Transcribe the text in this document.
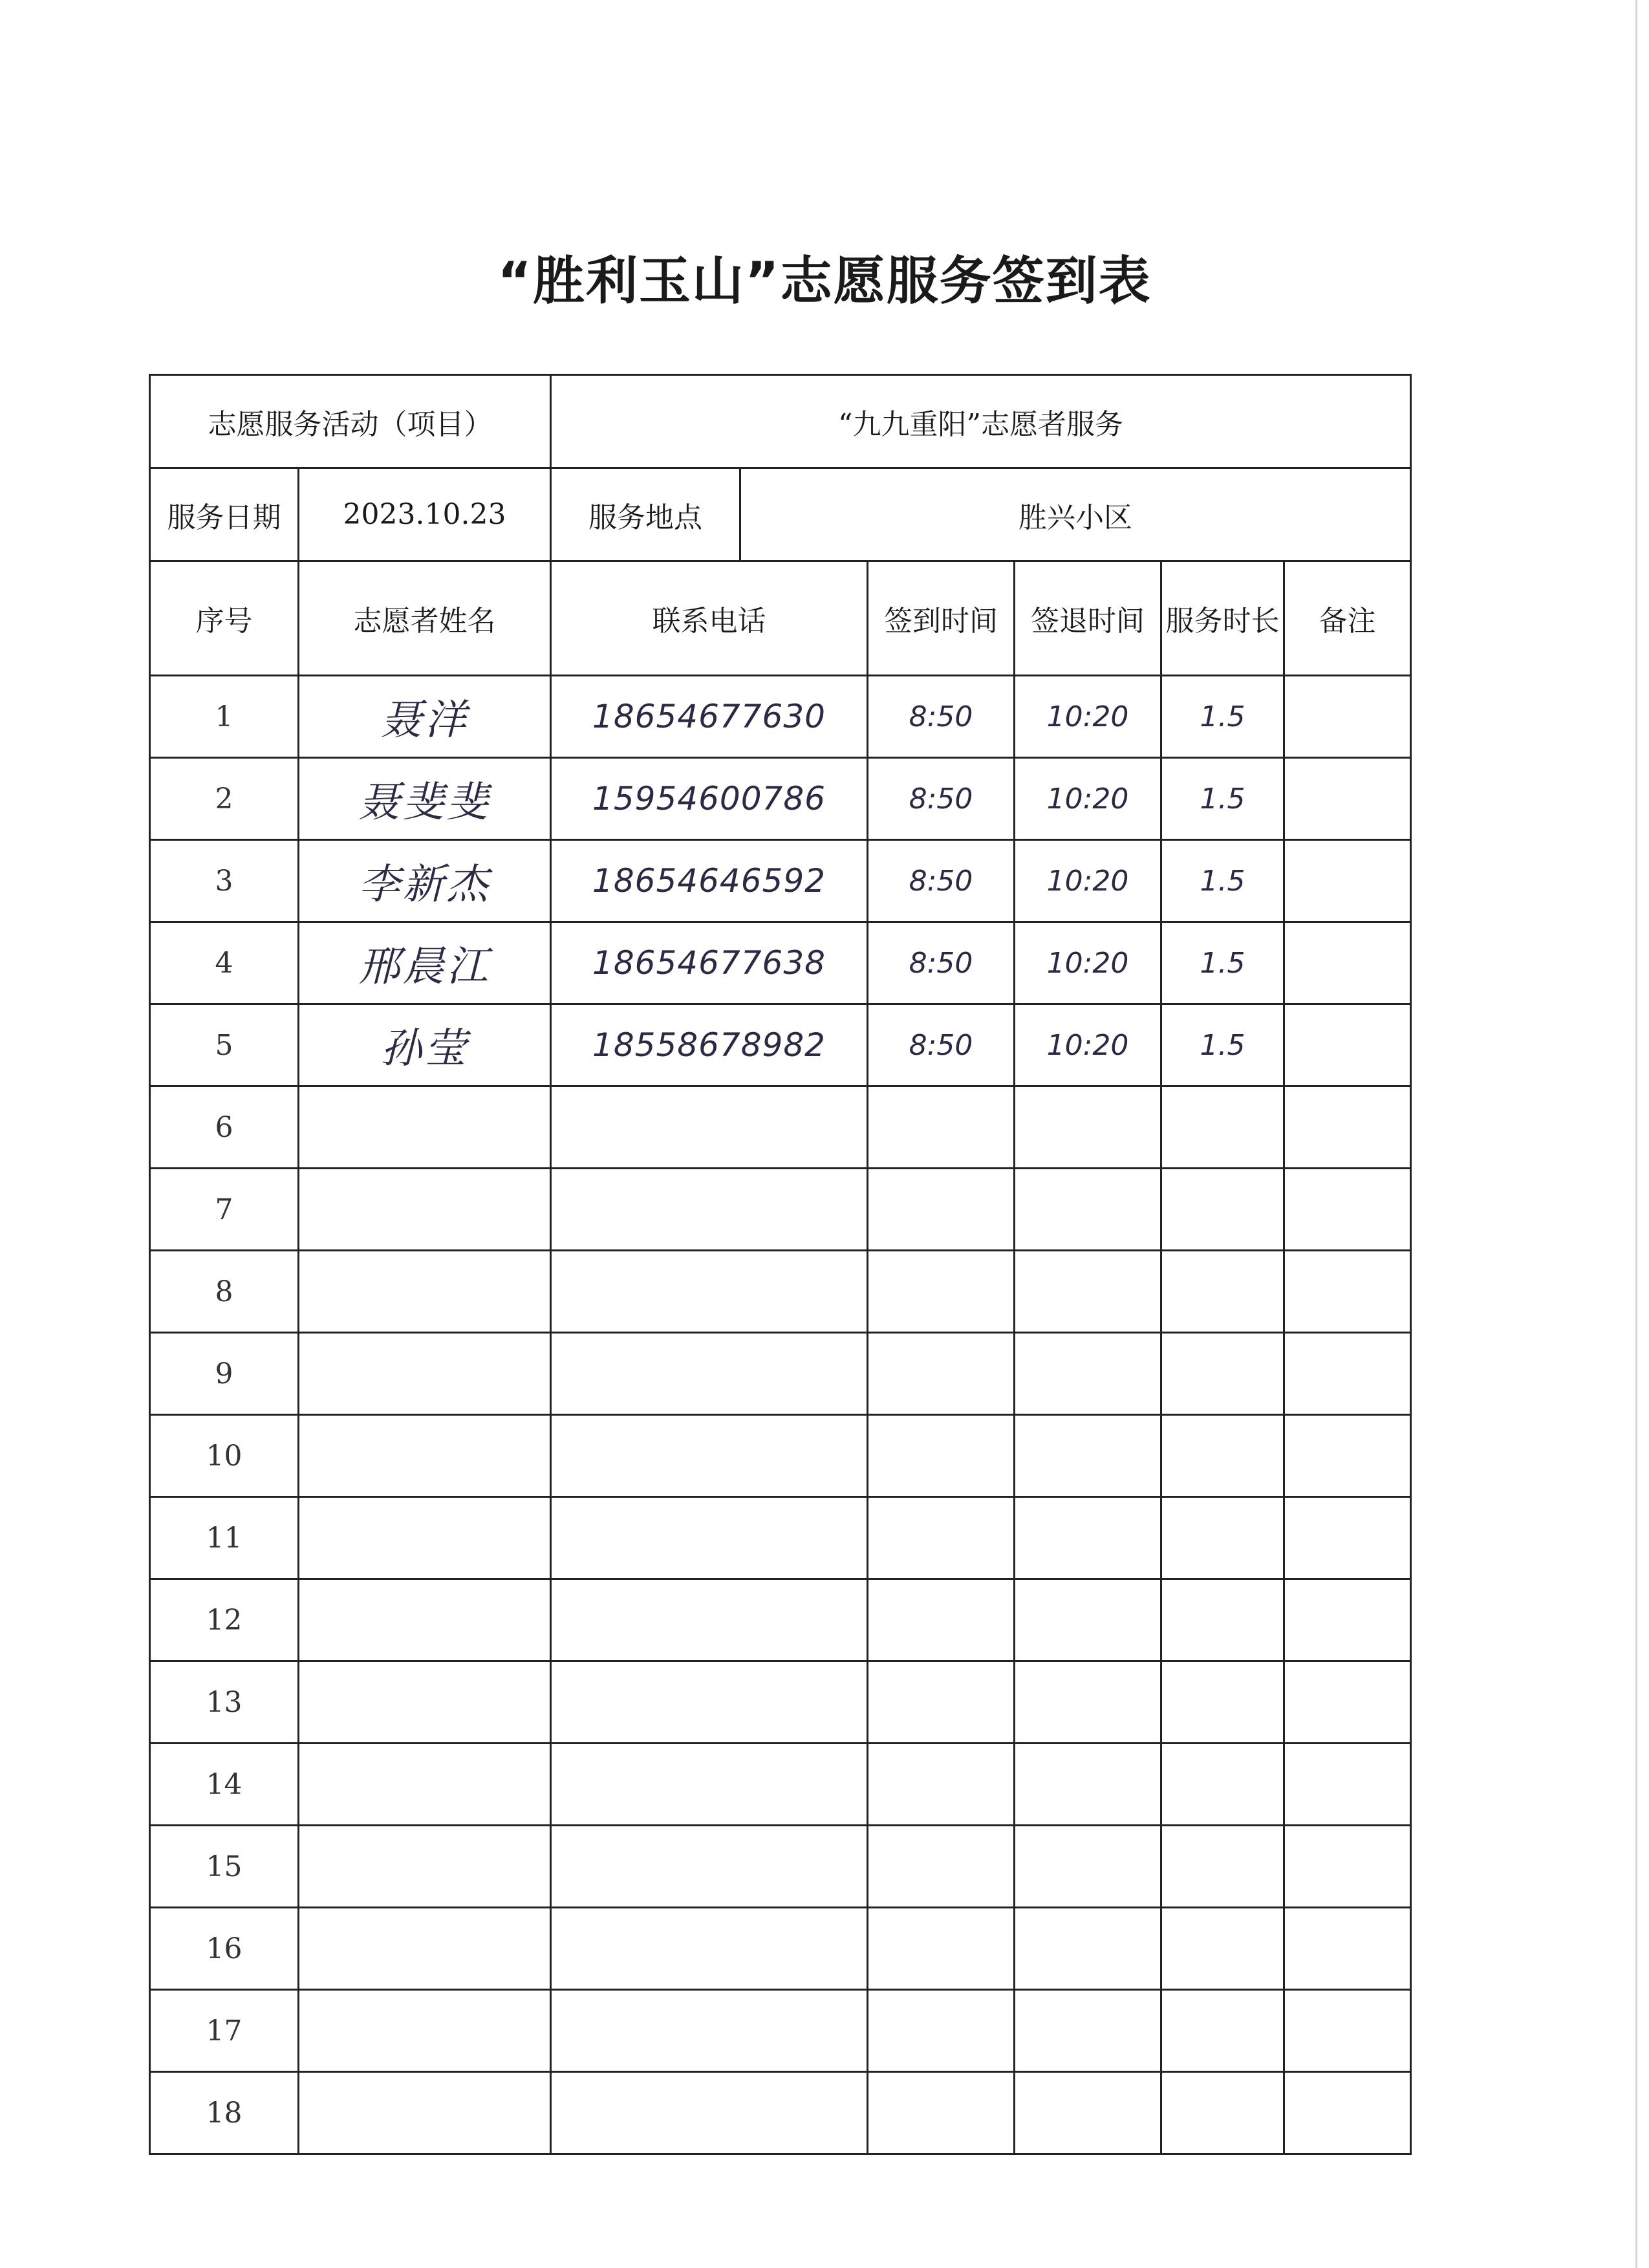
“胜利玉山”志愿服务签到表
志愿服务活动（项目）		“九九重阳”志愿者服务					
服务日期	2023.10.23	服务地点	胜兴小区				
序号	志愿者姓名	联系电话		签到时间	签退时间	服务时长	备注
1	聂洋	18654677630		8:50	10:20	1.5	
2	聂斐斐	15954600786		8:50	10:20	1.5	
3	李新杰	18654646592		8:50	10:20	1.5	
4	邢晨江	18654677638		8:50	10:20	1.5	
5	孙莹	18558678982		8:50	10:20	1.5	
6							
7							
8							
9							
10							
11							
12							
13							
14							
15							
16							
17							
18							
